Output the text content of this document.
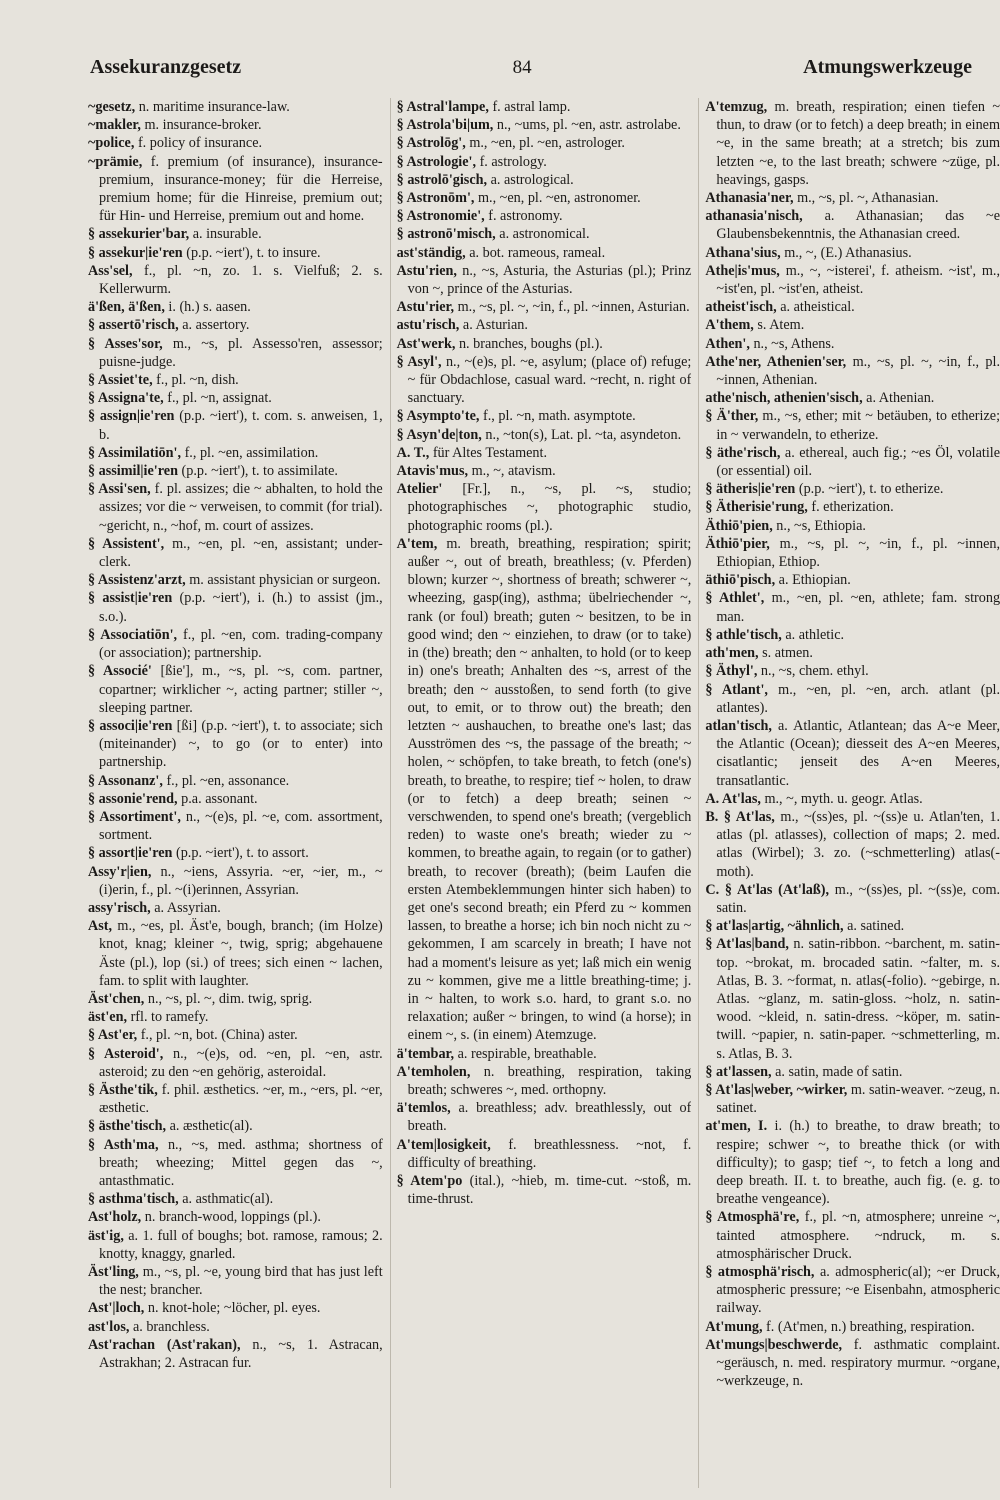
Assekuranzgesetz	84	Atmungswerkzeuge

~gesetz, n. maritime insurance-law.

~makler, m. insurance-broker.

~police, f. policy of insurance.

~prämie, f. premium (of insurance), insurance-premium, insurance-money; für die Herreise, premium home; für die Hinreise, premium out; für Hin- und Herreise, premium out and home.

§ assekurier'bar, a. insurable.

§ assekur|ie'ren (p.p. ~iert'), t. to insure.

Ass'sel, f., pl. ~n, zo. 1. s. Vielfuß; 2. s. Kellerwurm.

ä'ßen, ä'ßen, i. (h.) s. aasen.

§ assertō'risch, a. assertory.

§ Asses'sor, m., ~s, pl. Assesso'ren, assessor; puisne-judge.

§ Assiet'te, f., pl. ~n, dish.

§ Assigna'te, f., pl. ~n, assignat.

§ assign|ie'ren (p.p. ~iert'), t. com. s. anweisen, 1, b.

§ Assimilatiōn', f., pl. ~en, assimilation.

§ assimil|ie'ren (p.p. ~iert'), t. to assimilate.

§ Assi'sen, f. pl. assizes; die ~ abhalten, to hold the assizes; vor die ~ verweisen, to commit (for trial). ~gericht, n., ~hof, m. court of assizes.

§ Assistent', m., ~en, pl. ~en, assistant; under-clerk.

§ Assistenz'arzt, m. assistant physician or surgeon.

§ assist|ie'ren (p.p. ~iert'), i. (h.) to assist (jm., s.o.).

§ Associatiōn', f., pl. ~en, com. trading-company (or association); partnership.

§ Associé' [ßie'], m., ~s, pl. ~s, com. partner, copartner; wirklicher ~, acting partner; stiller ~, sleeping partner.

§ associ|ie'ren [ßi] (p.p. ~iert'), t. to associate; sich (miteinander) ~, to go (or to enter) into partnership.

§ Assonanz', f., pl. ~en, assonance.

§ assonie'rend, p.a. assonant.

§ Assortiment', n., ~(e)s, pl. ~e, com. assortment, sortment.

§ assort|ie'ren (p.p. ~iert'), t. to assort.

Assy'r|ien, n., ~iens, Assyria. ~er, ~ier, m., ~(i)erin, f., pl. ~(i)erinnen, Assyrian.

assy'risch, a. Assyrian.

Ast, m., ~es, pl. Äst'e, bough, branch; (im Holze) knot, knag; kleiner ~, twig, sprig; abgehauene Äste (pl.), lop (si.) of trees; sich einen ~ lachen, fam. to split with laughter.

Äst'chen, n., ~s, pl. ~, dim. twig, sprig.

äst'en, rfl. to ramefy.

§ Ast'er, f., pl. ~n, bot. (China) aster.

§ Asteroid', n., ~(e)s, od. ~en, pl. ~en, astr. asteroid; zu den ~en gehörig, asteroidal.

§ Ästhe'tik, f. phil. æsthetics. ~er, m., ~ers, pl. ~er, æsthetic.

§ ästhe'tisch, a. æsthetic(al).

§ Asth'ma, n., ~s, med. asthma; shortness of breath; wheezing; Mittel gegen das ~, antasthmatic.

§ asthma'tisch, a. asthmatic(al).

Ast'holz, n. branch-wood, loppings (pl.).

äst'ig, a. 1. full of boughs; bot. ramose, ramous; 2. knotty, knaggy, gnarled.

Äst'ling, m., ~s, pl. ~e, young bird that has just left the nest; brancher.

Ast'|loch, n. knot-hole; ~löcher, pl. eyes.

ast'los, a. branchless.

Ast'rachan (Ast'rakan), n., ~s, 1. Astracan, Astrakhan; 2. Astracan fur.

§ Astral'lampe, f. astral lamp.

§ Astrola'bi|um, n., ~ums, pl. ~en, astr. astrolabe.

§ Astrolōg', m., ~en, pl. ~en, astrologer.

§ Astrologie', f. astrology.

§ astrolō'gisch, a. astrological.

§ Astronōm', m., ~en, pl. ~en, astronomer.

§ Astronomie', f. astronomy.

§ astronō'misch, a. astronomical.

ast'ständig, a. bot. rameous, rameal.

Astu'rien, n., ~s, Asturia, the Asturias (pl.); Prinz von ~, prince of the Asturias.

Astu'rier, m., ~s, pl. ~, ~in, f., pl. ~innen, Asturian.

astu'risch, a. Asturian.

Ast'werk, n. branches, boughs (pl.).

§ Asyl', n., ~(e)s, pl. ~e, asylum; (place of) refuge; ~ für Obdachlose, casual ward. ~recht, n. right of sanctuary.

§ Asympto'te, f., pl. ~n, math. asymptote.

§ Asyn'de|ton, n., ~ton(s), Lat. pl. ~ta, asyndeton.

A. T., für Altes Testament.

Atavis'mus, m., ~, atavism.

Atelier' [Fr.], n., ~s, pl. ~s, studio; photographisches ~, photographic studio, photographic rooms (pl.).

A'tem, m. breath, breathing, respiration; spirit; außer ~, out of breath, breathless; (v. Pferden) blown; kurzer ~, shortness of breath; schwerer ~, wheezing, gasp(ing), asthma; übelriechender ~, rank (or foul) breath; guten ~ besitzen, to be in good wind; den ~ einziehen, to draw (or to take) in (the) breath; den ~ anhalten, to hold (or to keep in) one's breath; Anhalten des ~s, arrest of the breath; den ~ ausstoßen, to send forth (to give out, to emit, or to throw out) the breath; den letzten ~ aushauchen, to breathe one's last; das Ausströmen des ~s, the passage of the breath; ~ holen, ~ schöpfen, to take breath, to fetch (one's) breath, to breathe, to respire; tief ~ holen, to draw (or to fetch) a deep breath; seinen ~ verschwenden, to spend one's breath; (vergeblich reden) to waste one's breath; wieder zu ~ kommen, to breathe again, to regain (or to gather) breath, to recover (breath); (beim Laufen die ersten Atembeklemmungen hinter sich haben) to get one's second breath; ein Pferd zu ~ kommen lassen, to breathe a horse; ich bin noch nicht zu ~ gekommen, I am scarcely in breath; I have not had a moment's leisure as yet; laß mich ein wenig zu ~ kommen, give me a little breathing-time; j. in ~ halten, to work s.o. hard, to grant s.o. no relaxation; außer ~ bringen, to wind (a horse); in einem ~, s. (in einem) Atemzuge.

ä'tembar, a. respirable, breathable.

A'temholen, n. breathing, respiration, taking breath; schweres ~, med. orthopny.

ä'temlos, a. breathless; adv. breathlessly, out of breath.

A'tem|losigkeit, f. breathlessness. ~not, f. difficulty of breathing.

§ Atem'po (ital.), ~hieb, m. time-cut. ~stoß, m. time-thrust.

A'temzug, m. breath, respiration; einen tiefen ~ thun, to draw (or to fetch) a deep breath; in einem ~e, in the same breath; at a stretch; bis zum letzten ~e, to the last breath; schwere ~züge, pl. heavings, gasps.

Athanasia'ner, m., ~s, pl. ~, Athanasian.

athanasia'nisch, a. Athanasian; das ~e Glaubensbekenntnis, the Athanasian creed.

Athana'sius, m., ~, (E.) Athanasius.

Athe|is'mus, m., ~, ~isterei', f. atheism. ~ist', m., ~ist'en, pl. ~ist'en, atheist.

atheist'isch, a. atheistical.

A'them, s. Atem.

Athen', n., ~s, Athens.

Athe'ner, Athenien'ser, m., ~s, pl. ~, ~in, f., pl. ~innen, Athenian.

athe'nisch, athenien'sisch, a. Athenian.

§ Ä'ther, m., ~s, ether; mit ~ betäuben, to etherize; in ~ verwandeln, to etherize.

§ äthe'risch, a. ethereal, auch fig.; ~es Öl, volatile (or essential) oil.

§ ätheris|ie'ren (p.p. ~iert'), t. to etherize.

§ Ätherisie'rung, f. etherization.

Äthiō'pien, n., ~s, Ethiopia.

Äthiō'pier, m., ~s, pl. ~, ~in, f., pl. ~innen, Ethiopian, Ethiop.

äthiō'pisch, a. Ethiopian.

§ Athlet', m., ~en, pl. ~en, athlete; fam. strong man.

§ athle'tisch, a. athletic.

ath'men, s. atmen.

§ Äthyl', n., ~s, chem. ethyl.

§ Atlant', m., ~en, pl. ~en, arch. atlant (pl. atlantes).

atlan'tisch, a. Atlantic, Atlantean; das A~e Meer, the Atlantic (Ocean); diesseit des A~en Meeres, cisatlantic; jenseit des A~en Meeres, transatlantic.

A. At'las, m., ~, myth. u. geogr. Atlas.

B. § At'las, m., ~(ss)es, pl. ~(ss)e u. Atlan'ten, 1. atlas (pl. atlasses), collection of maps; 2. med. atlas (Wirbel); 3. zo. (~schmetterling) atlas(-moth).

C. § At'las (At'laß), m., ~(ss)es, pl. ~(ss)e, com. satin.

§ at'las|artig, ~ähnlich, a. satined.

§ At'las|band, n. satin-ribbon. ~barchent, m. satin-top. ~brokat, m. brocaded satin. ~falter, m. s. Atlas, B. 3. ~format, n. atlas(-folio). ~gebirge, n. Atlas. ~glanz, m. satin-gloss. ~holz, n. satin-wood. ~kleid, n. satin-dress. ~köper, m. satin-twill. ~papier, n. satin-paper. ~schmetterling, m. s. Atlas, B. 3.

§ at'lassen, a. satin, made of satin.

§ At'las|weber, ~wirker, m. satin-weaver. ~zeug, n. satinet.

at'men, I. i. (h.) to breathe, to draw breath; to respire; schwer ~, to breathe thick (or with difficulty); to gasp; tief ~, to fetch a long and deep breath. II. t. to breathe, auch fig. (e. g. to breathe vengeance).

§ Atmosphä're, f., pl. ~n, atmosphere; unreine ~, tainted atmosphere. ~ndruck, m. s. atmosphärischer Druck.

§ atmosphä'risch, a. admospheric(al); ~er Druck, atmospheric pressure; ~e Eisenbahn, atmospheric railway.

At'mung, f. (At'men, n.) breathing, respiration.

At'mungs|beschwerde, f. asthmatic complaint. ~geräusch, n. med. respiratory murmur. ~organe, ~werkzeuge, n.
